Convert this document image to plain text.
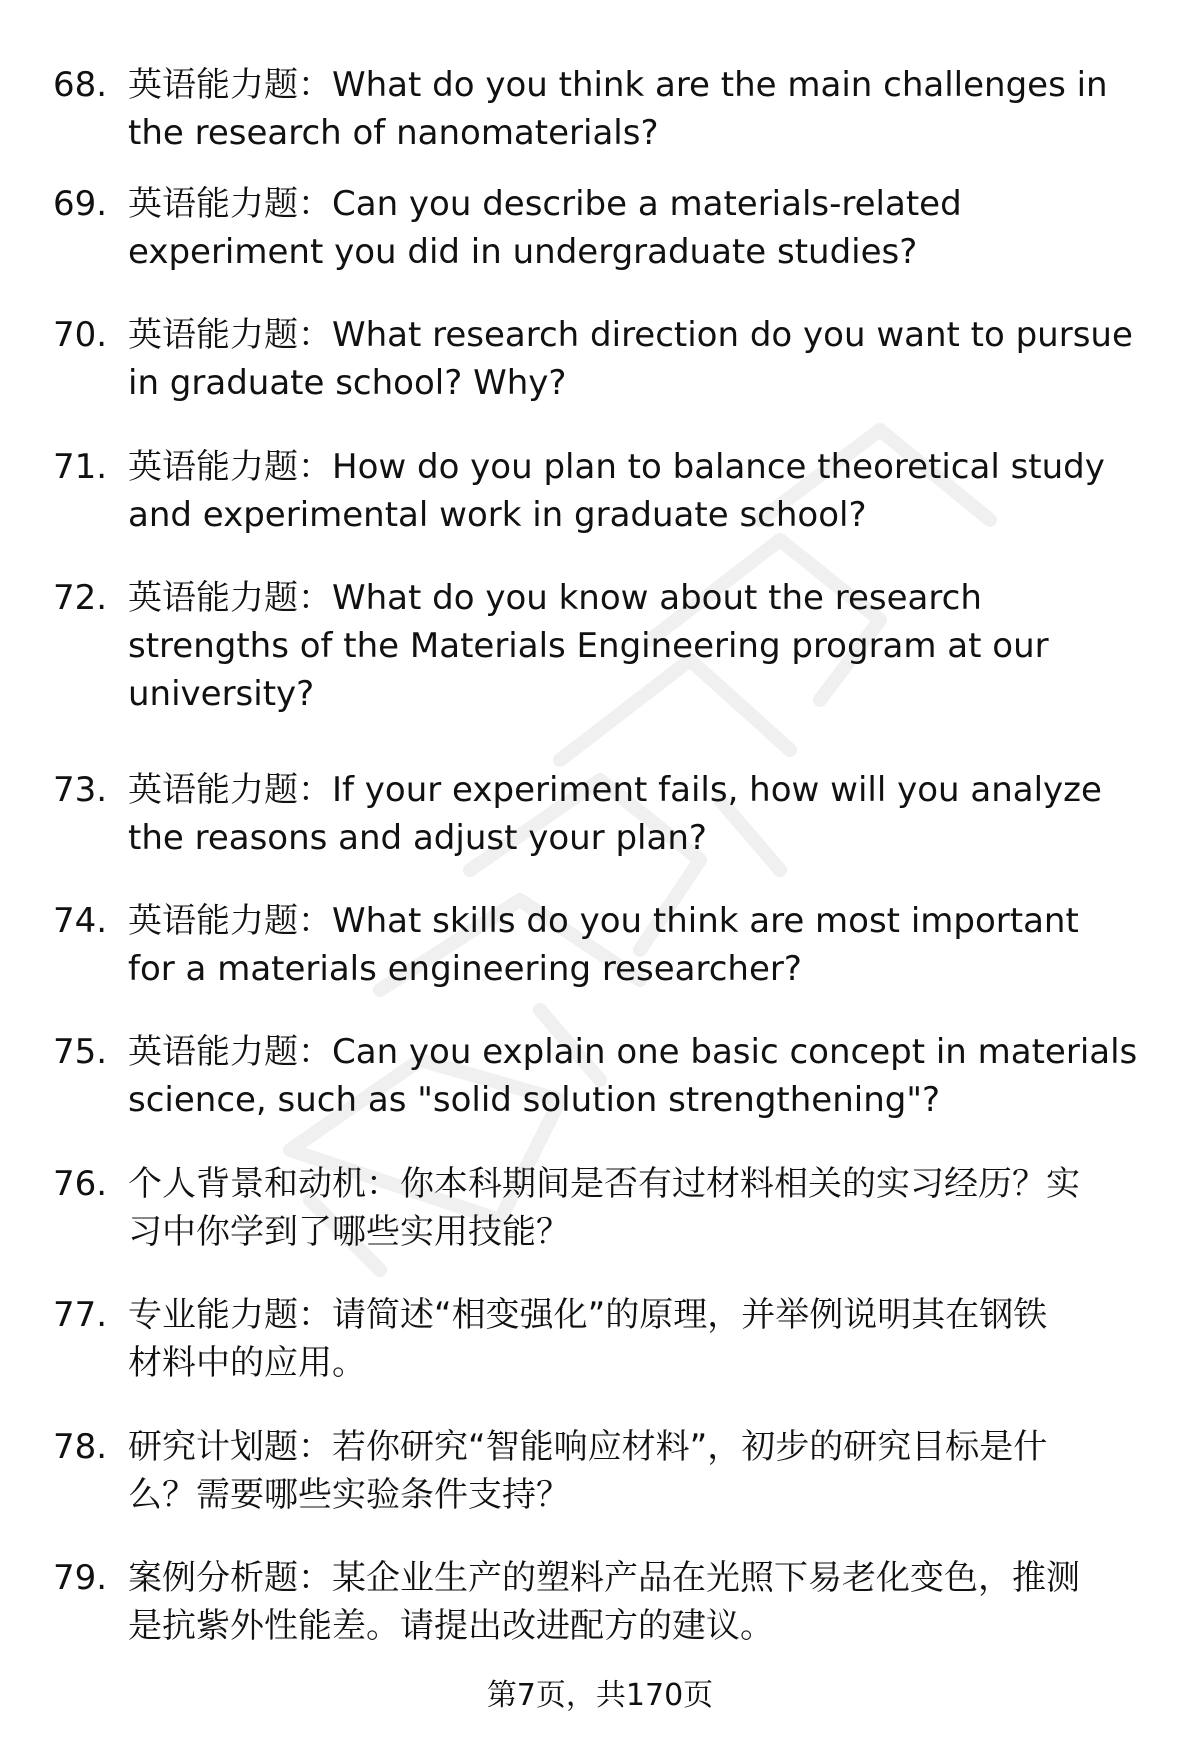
68. 英语能力题：What do you think are the main challenges in
the research of nanomaterials?
69. 英语能力题：Can you describe a materials-related
experiment you did in undergraduate studies?
70. 英语能力题：What research direction do you want to pursue
in graduate school? Why?
71. 英语能力题：How do you plan to balance theoretical study
and experimental work in graduate school?
72. 英语能力题：What do you know about the research
strengths of the Materials Engineering program at our
university?
73. 英语能力题：If your experiment fails, how will you analyze
the reasons and adjust your plan?
74. 英语能力题：What skills do you think are most important
for a materials engineering researcher?
75. 英语能力题：Can you explain one basic concept in materials
science, such as "solid solution strengthening"?
76. 个人背景和动机：你本科期间是否有过材料相关的实习经历？实
习中你学到了哪些实用技能？
77. 专业能力题：请简述“相变强化”的原理，并举例说明其在钢铁
材料中的应用。
78. 研究计划题：若你研究“智能响应材料”，初步的研究目标是什
么？需要哪些实验条件支持？
79. 案例分析题：某企业生产的塑料产品在光照下易老化变色，推测
是抗紫外性能差。请提出改进配方的建议。
第7页，共170页
